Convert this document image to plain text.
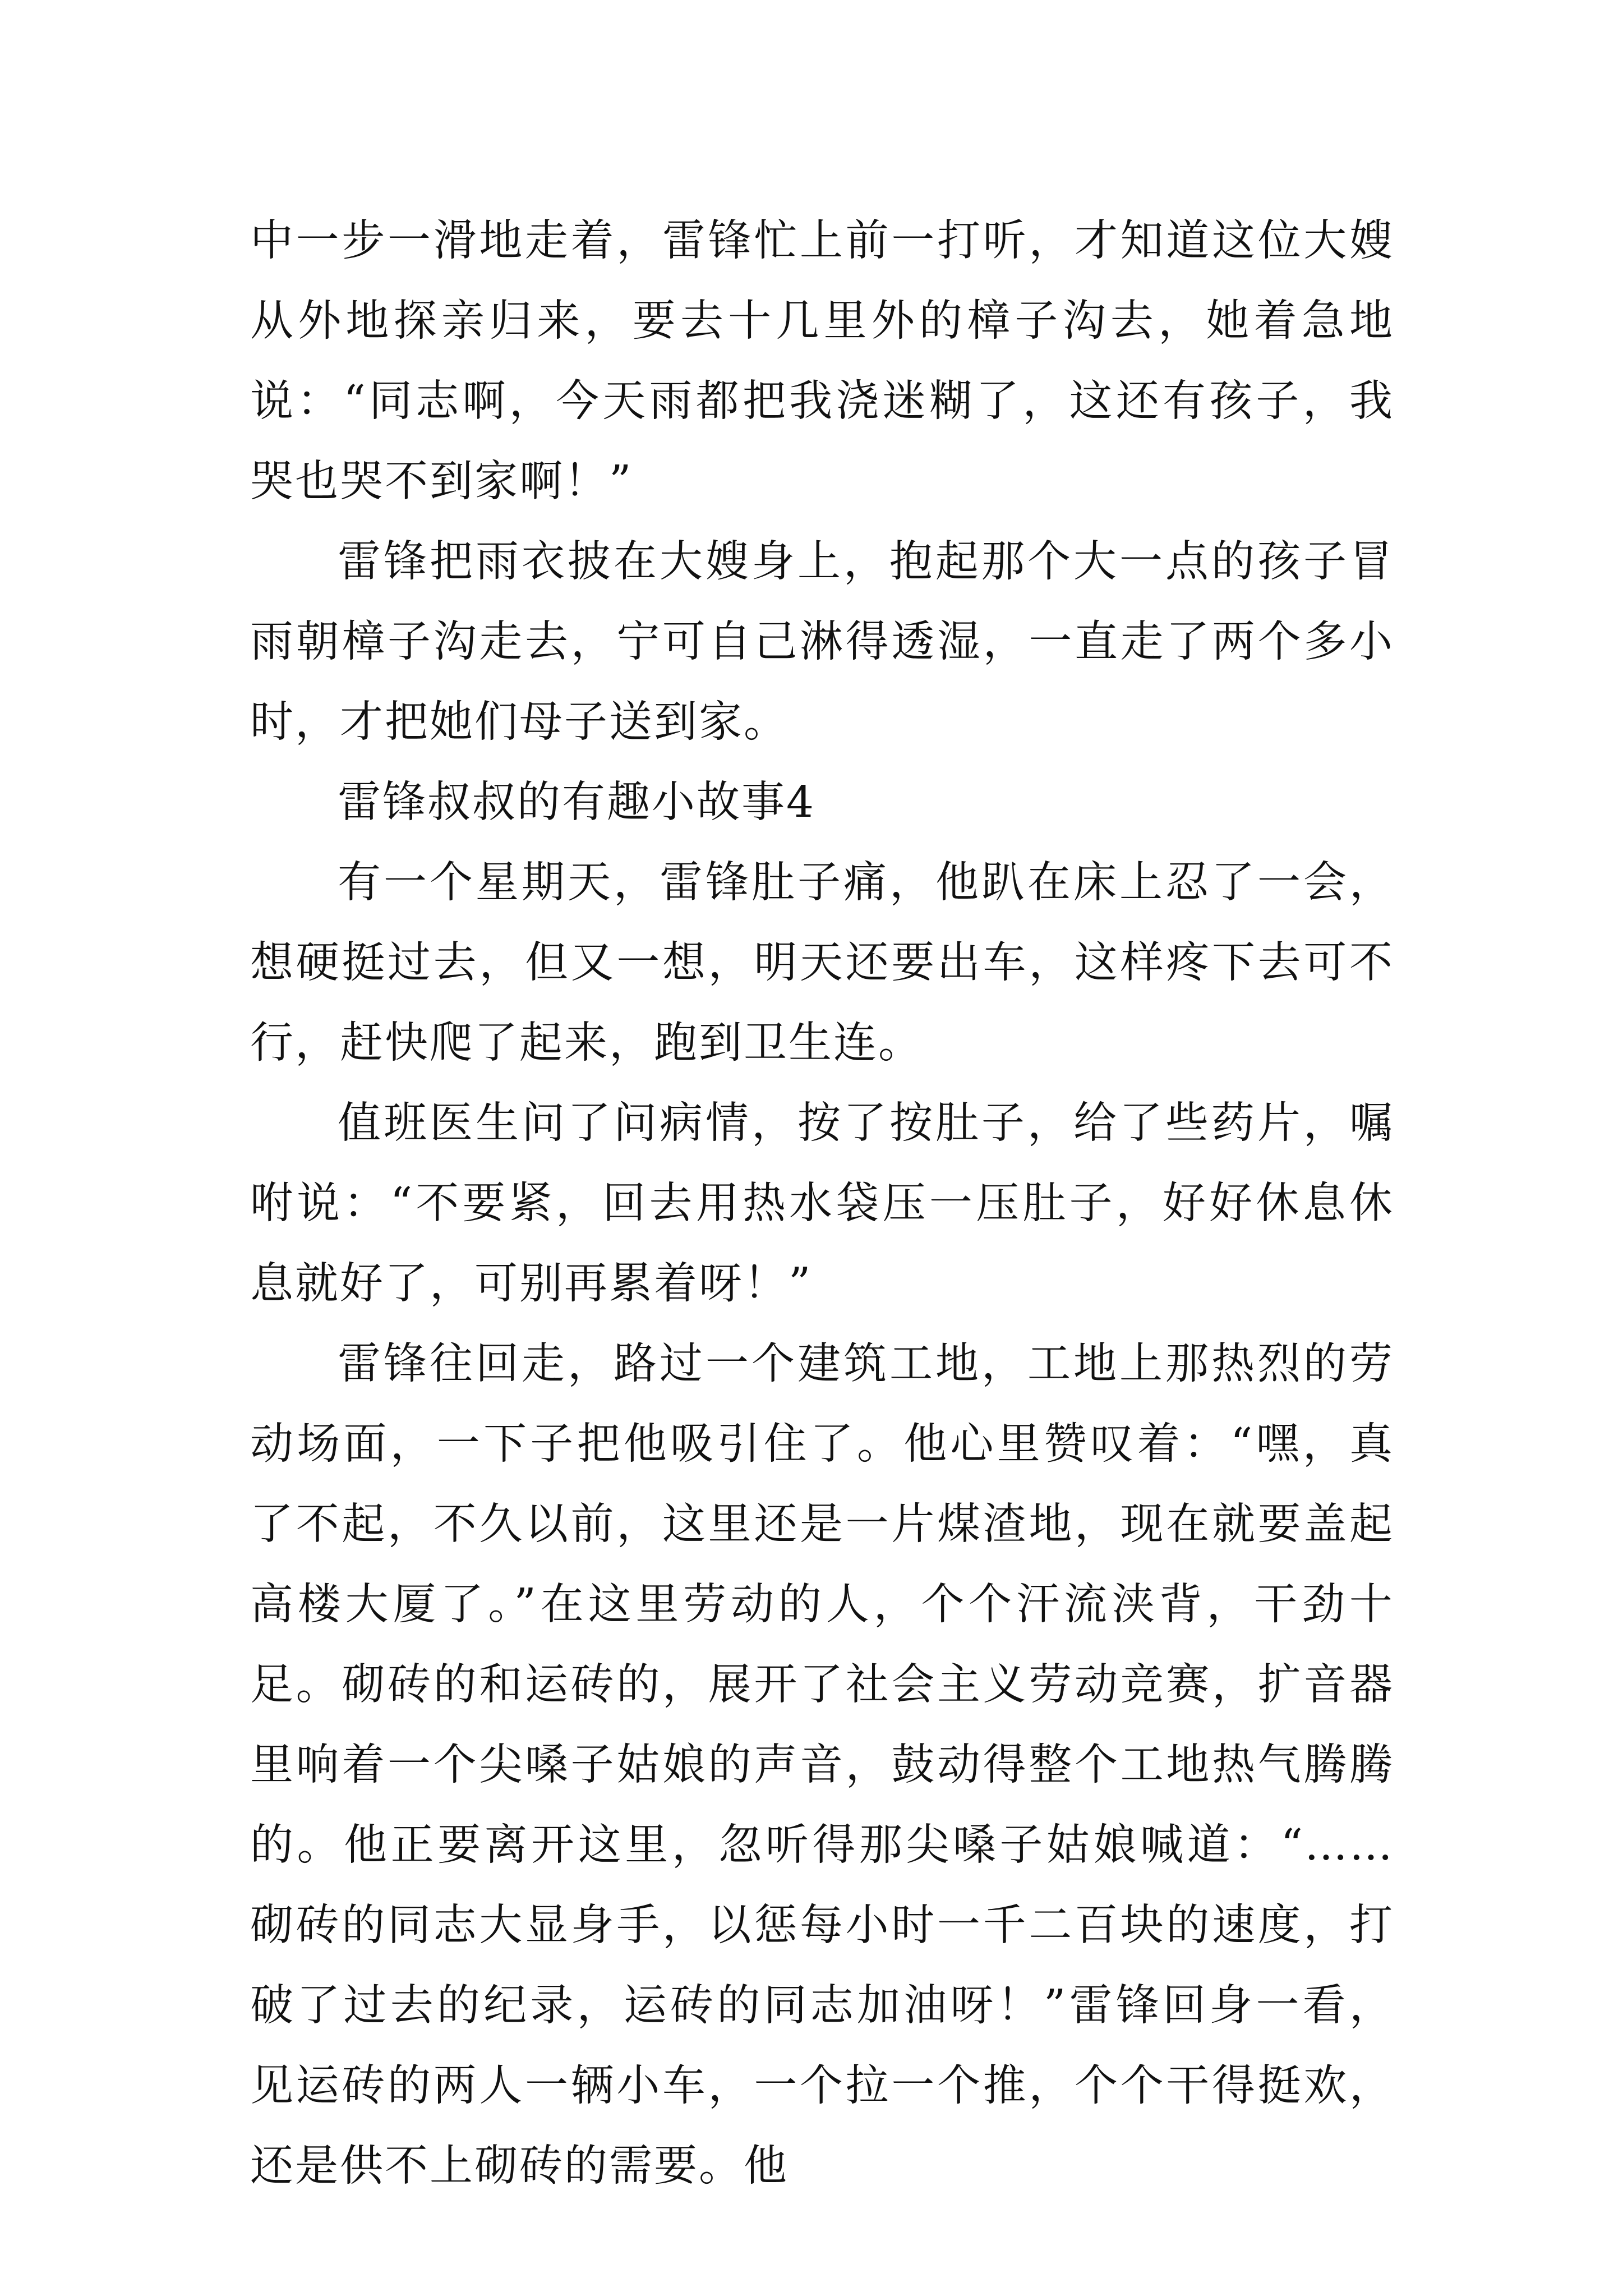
中一步一滑地走着，雷锋忙上前一打听，才知道这位大嫂从外地探亲归来，要去十几里外的樟子沟去，她着急地说：“同志啊，今天雨都把我浇迷糊了，这还有孩子，我哭也哭不到家啊！”

雷锋把雨衣披在大嫂身上，抱起那个大一点的孩子冒雨朝樟子沟走去，宁可自己淋得透湿，一直走了两个多小时，才把她们母子送到家。

雷锋叔叔的有趣小故事4

有一个星期天，雷锋肚子痛，他趴在床上忍了一会，想硬挺过去，但又一想，明天还要出车，这样疼下去可不行，赶快爬了起来，跑到卫生连。

值班医生问了问病情，按了按肚子，给了些药片，嘱咐说：“不要紧，回去用热水袋压一压肚子，好好休息休息就好了，可别再累着呀！”

雷锋往回走，路过一个建筑工地，工地上那热烈的劳动场面，一下子把他吸引住了。他心里赞叹着：“嘿，真了不起，不久以前，这里还是一片煤渣地，现在就要盖起高楼大厦了。”在这里劳动的人，个个汗流浃背，干劲十足。砌砖的和运砖的，展开了社会主义劳动竞赛，扩音器里响着一个尖嗓子姑娘的声音，鼓动得整个工地热气腾腾的。他正要离开这里，忽听得那尖嗓子姑娘喊道：“……砌砖的同志大显身手，以惩每小时一千二百块的速度，打破了过去的纪录，运砖的同志加油呀！”雷锋回身一看，见运砖的两人一辆小车，一个拉一个推，个个干得挺欢，还是供不上砌砖的需要。他
